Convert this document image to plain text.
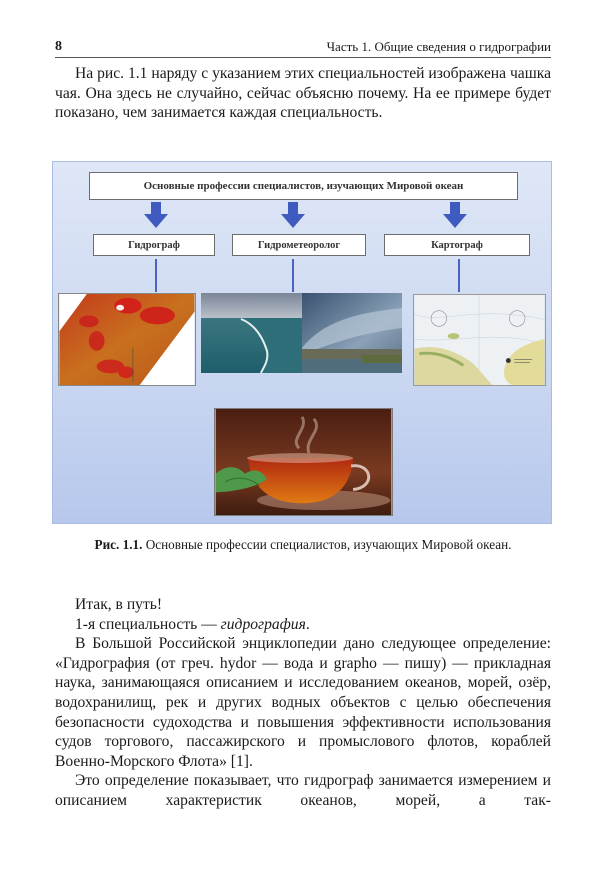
8	Часть 1. Общие сведения о гидрографии

На рис. 1.1 наряду с указанием этих специальностей изображена чашка чая. Она здесь не случайно, сейчас объясню почему. На ее примере будет показано, чем занимается каждая специальность.

Основные профессии специалистов, изучающих Мировой океан
Гидрограф	Гидрометеоролог	Картограф
Рис. 1.1. Основные профессии специалистов, изучающих Мировой океан.

Итак, в путь!

1-я специальность — гидрография.

В Большой Российской энциклопедии дано следующее определение: «Гидрография (от греч. hydor — вода и grapho — пишу) — прикладная наука, занимающаяся описанием и исследованием океанов, морей, озёр, водохранилищ, рек и других водных объектов с целью обеспечения безопасности судоходства и повышения эффективности использования судов торгового, пассажирского и промыслового флотов, кораблей Военно-Морского Флота» [1].

Это определение показывает, что гидрограф занимается измерением и описанием характеристик океанов, морей, а так-
